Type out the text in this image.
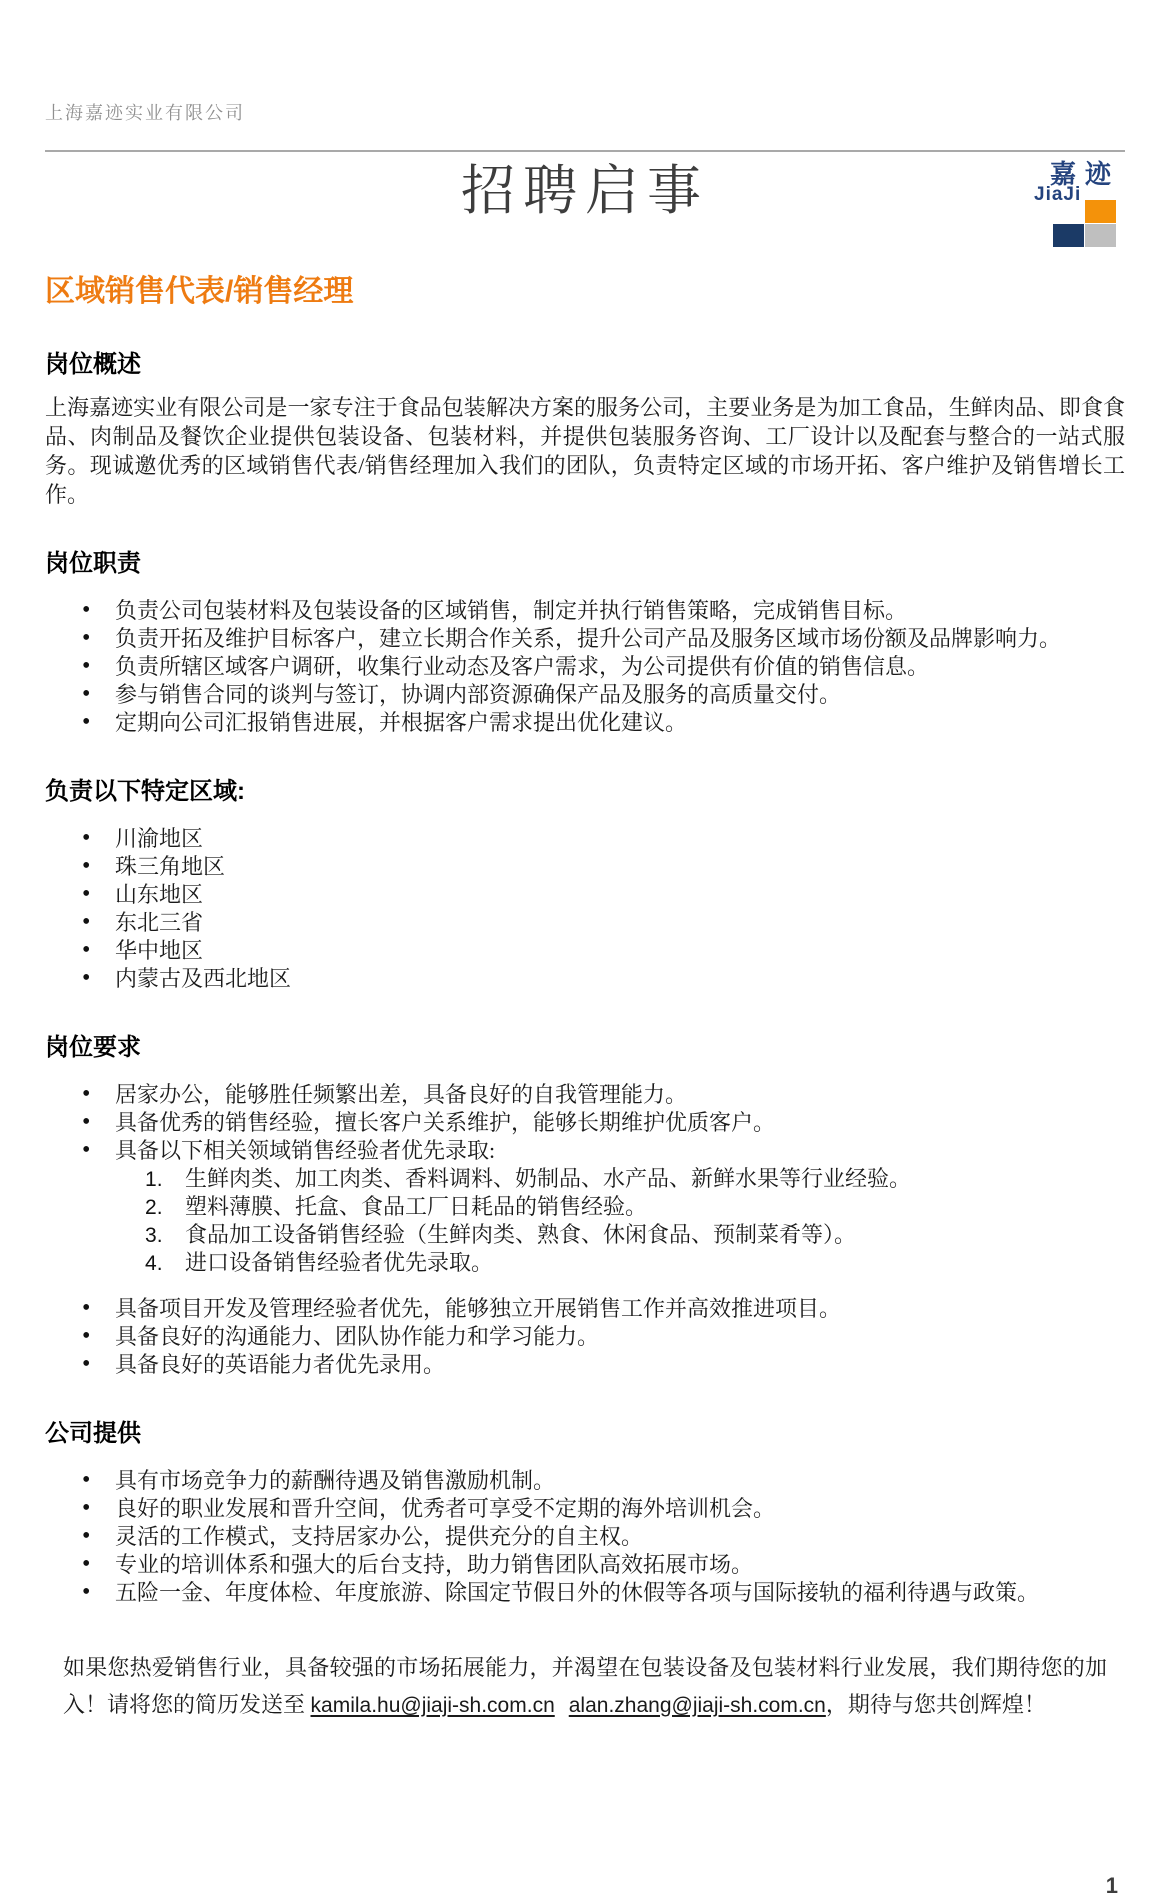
上海嘉迹实业有限公司
嘉迹
JiaJi
招聘启事
区域销售代表/销售经理
岗位概述

上海嘉迹实业有限公司是一家专注于食品包装解决方案的服务公司，主要业务是为加工食品，生鲜肉品、即食食品、肉制品及餐饮企业提供包装设备、包装材料，并提供包装服务咨询、工厂设计以及配套与整合的一站式服务。现诚邀优秀的区域销售代表/销售经理加入我们的团队，负责特定区域的市场开拓、客户维护及销售增长工作。

岗位职责
• 负责公司包装材料及包装设备的区域销售，制定并执行销售策略，完成销售目标。
• 负责开拓及维护目标客户，建立长期合作关系，提升公司产品及服务区域市场份额及品牌影响力。
• 负责所辖区域客户调研，收集行业动态及客户需求，为公司提供有价值的销售信息。
• 参与销售合同的谈判与签订，协调内部资源确保产品及服务的高质量交付。
• 定期向公司汇报销售进展，并根据客户需求提出优化建议。
负责以下特定区域:
• 川渝地区
• 珠三角地区
• 山东地区
• 东北三省
• 华中地区
• 内蒙古及西北地区
岗位要求
• 居家办公，能够胜任频繁出差，具备良好的自我管理能力。
• 具备优秀的销售经验，擅长客户关系维护，能够长期维护优质客户。
• 具备以下相关领域销售经验者优先录取:
生鲜肉类、加工肉类、香料调料、奶制品、水产品、新鲜水果等行业经验。
塑料薄膜、托盒、食品工厂日耗品的销售经验。
食品加工设备销售经验（生鲜肉类、熟食、休闲食品、预制菜肴等）。
进口设备销售经验者优先录取。
• 具备项目开发及管理经验者优先，能够独立开展销售工作并高效推进项目。
• 具备良好的沟通能力、团队协作能力和学习能力。
• 具备良好的英语能力者优先录用。
公司提供
• 具有市场竞争力的薪酬待遇及销售激励机制。
• 良好的职业发展和晋升空间，优秀者可享受不定期的海外培训机会。
• 灵活的工作模式，支持居家办公，提供充分的自主权。
• 专业的培训体系和强大的后台支持，助力销售团队高效拓展市场。
• 五险一金、年度体检、年度旅游、除国定节假日外的休假等各项与国际接轨的福利待遇与政策。

如果您热爱销售行业，具备较强的市场拓展能力，并渴望在包装设备及包装材料行业发展，我们期待您的加入！请将您的简历发送至 kamila.hu@jiaji-sh.com.cn alan.zhang@jiaji-sh.com.cn，期待与您共创辉煌！

1
